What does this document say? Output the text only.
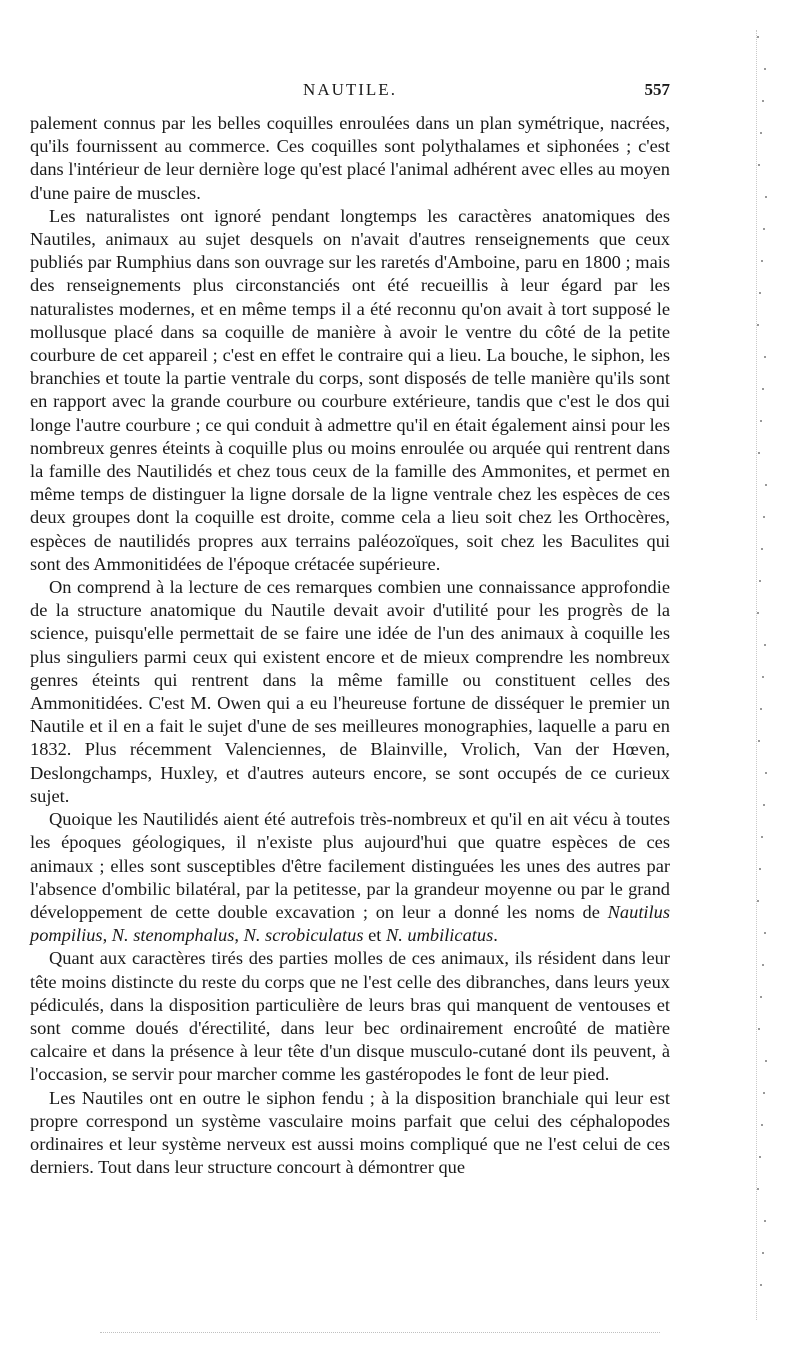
NAUTILE.	557

palement connus par les belles coquilles enroulées dans un plan symétrique, nacrées, qu'ils fournissent au commerce. Ces coquilles sont polythalames et siphonées ; c'est dans l'intérieur de leur dernière loge qu'est placé l'animal adhérent avec elles au moyen d'une paire de muscles.

Les naturalistes ont ignoré pendant longtemps les caractères anatomiques des Nautiles, animaux au sujet desquels on n'avait d'autres renseignements que ceux publiés par Rumphius dans son ouvrage sur les raretés d'Amboine, paru en 1800 ; mais des renseignements plus circonstanciés ont été recueillis à leur égard par les naturalistes modernes, et en même temps il a été reconnu qu'on avait à tort supposé le mollusque placé dans sa coquille de manière à avoir le ventre du côté de la petite courbure de cet appareil ; c'est en effet le contraire qui a lieu. La bouche, le siphon, les branchies et toute la partie ventrale du corps, sont disposés de telle manière qu'ils sont en rapport avec la grande courbure ou courbure extérieure, tandis que c'est le dos qui longe l'autre courbure ; ce qui conduit à admettre qu'il en était également ainsi pour les nombreux genres éteints à coquille plus ou moins enroulée ou arquée qui rentrent dans la famille des Nautilidés et chez tous ceux de la famille des Ammonites, et permet en même temps de distinguer la ligne dorsale de la ligne ventrale chez les espèces de ces deux groupes dont la coquille est droite, comme cela a lieu soit chez les Orthocères, espèces de nautilidés propres aux terrains paléozoïques, soit chez les Baculites qui sont des Ammonitidées de l'époque crétacée supérieure.

On comprend à la lecture de ces remarques combien une connaissance approfondie de la structure anatomique du Nautile devait avoir d'utilité pour les progrès de la science, puisqu'elle permettait de se faire une idée de l'un des animaux à coquille les plus singuliers parmi ceux qui existent encore et de mieux comprendre les nombreux genres éteints qui rentrent dans la même famille ou constituent celles des Ammonitidées. C'est M. Owen qui a eu l'heureuse fortune de disséquer le premier un Nautile et il en a fait le sujet d'une de ses meilleures monographies, laquelle a paru en 1832. Plus récemment Valenciennes, de Blainville, Vrolich, Van der Hœven, Deslongchamps, Huxley, et d'autres auteurs encore, se sont occupés de ce curieux sujet.

Quoique les Nautilidés aient été autrefois très-nombreux et qu'il en ait vécu à toutes les époques géologiques, il n'existe plus aujourd'hui que quatre espèces de ces animaux ; elles sont susceptibles d'être facilement distinguées les unes des autres par l'absence d'ombilic bilatéral, par la petitesse, par la grandeur moyenne ou par le grand développement de cette double excavation ; on leur a donné les noms de Nautilus pompilius, N. stenomphalus, N. scrobiculatus et N. umbilicatus.

Quant aux caractères tirés des parties molles de ces animaux, ils résident dans leur tête moins distincte du reste du corps que ne l'est celle des dibranches, dans leurs yeux pédiculés, dans la disposition particulière de leurs bras qui manquent de ventouses et sont comme doués d'érectilité, dans leur bec ordinairement encroûté de matière calcaire et dans la présence à leur tête d'un disque musculo-cutané dont ils peuvent, à l'occasion, se servir pour marcher comme les gastéropodes le font de leur pied.

Les Nautiles ont en outre le siphon fendu ; à la disposition branchiale qui leur est propre correspond un système vasculaire moins parfait que celui des céphalopodes ordinaires et leur système nerveux est aussi moins compliqué que ne l'est celui de ces derniers. Tout dans leur structure concourt à démontrer que
